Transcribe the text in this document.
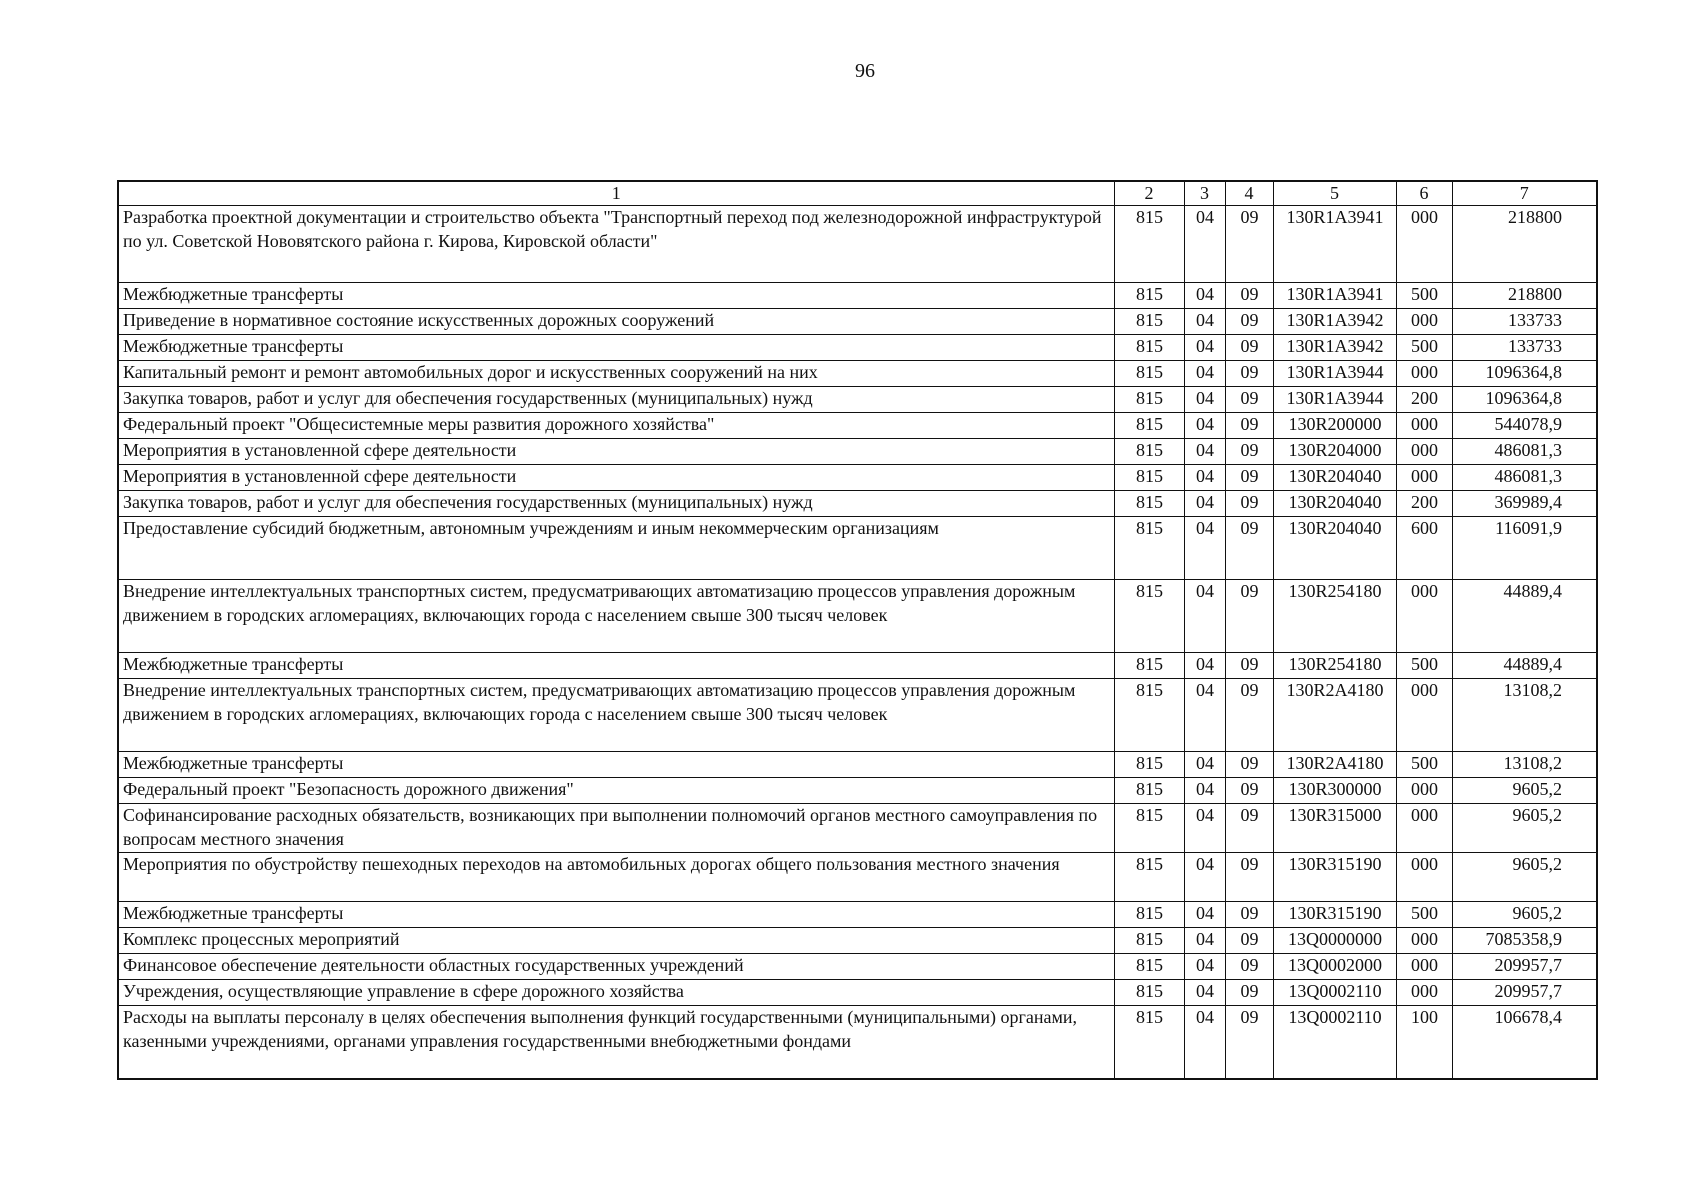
96
1	2	3	4	5	6	7
Разработка проектной документации и строительство объекта "Транспортный переход под железнодорожной инфраструктурой по ул. Советской Нововятского района г. Кирова, Кировской области"	815	04	09	130R1A3941	000	218800
Межбюджетные трансферты	815	04	09	130R1A3941	500	218800
Приведение в нормативное состояние искусственных дорожных сооружений	815	04	09	130R1A3942	000	133733
Межбюджетные трансферты	815	04	09	130R1A3942	500	133733
Капитальный ремонт и ремонт автомобильных дорог и искусственных сооружений на них	815	04	09	130R1A3944	000	1096364,8
Закупка товаров, работ и услуг для обеспечения государственных (муниципальных) нужд	815	04	09	130R1A3944	200	1096364,8
Федеральный проект "Общесистемные меры развития дорожного хозяйства"	815	04	09	130R200000	000	544078,9
Мероприятия в установленной сфере деятельности	815	04	09	130R204000	000	486081,3
Мероприятия в установленной сфере деятельности	815	04	09	130R204040	000	486081,3
Закупка товаров, работ и услуг для обеспечения государственных (муниципальных) нужд	815	04	09	130R204040	200	369989,4
Предоставление субсидий бюджетным, автономным учреждениям и иным некоммерческим организациям	815	04	09	130R204040	600	116091,9
Внедрение интеллектуальных транспортных систем, предусматривающих автоматизацию процессов управления дорожным движением в городских агломерациях, включающих города с населением свыше 300 тысяч человек	815	04	09	130R254180	000	44889,4
Межбюджетные трансферты	815	04	09	130R254180	500	44889,4
Внедрение интеллектуальных транспортных систем, предусматривающих автоматизацию процессов управления дорожным движением в городских агломерациях, включающих города с населением свыше 300 тысяч человек	815	04	09	130R2A4180	000	13108,2
Межбюджетные трансферты	815	04	09	130R2A4180	500	13108,2
Федеральный проект "Безопасность дорожного движения"	815	04	09	130R300000	000	9605,2
Софинансирование расходных обязательств, возникающих при выполнении полномочий органов местного самоуправления по вопросам местного значения	815	04	09	130R315000	000	9605,2
Мероприятия по обустройству пешеходных переходов на автомобильных дорогах общего пользования местного значения	815	04	09	130R315190	000	9605,2
Межбюджетные трансферты	815	04	09	130R315190	500	9605,2
Комплекс процессных мероприятий	815	04	09	13Q0000000	000	7085358,9
Финансовое обеспечение деятельности областных государственных учреждений	815	04	09	13Q0002000	000	209957,7
Учреждения, осуществляющие управление в сфере дорожного хозяйства	815	04	09	13Q0002110	000	209957,7
Расходы на выплаты персоналу в целях обеспечения выполнения функций государственными (муниципальными) органами, казенными учреждениями, органами управления государственными внебюджетными фондами	815	04	09	13Q0002110	100	106678,4
